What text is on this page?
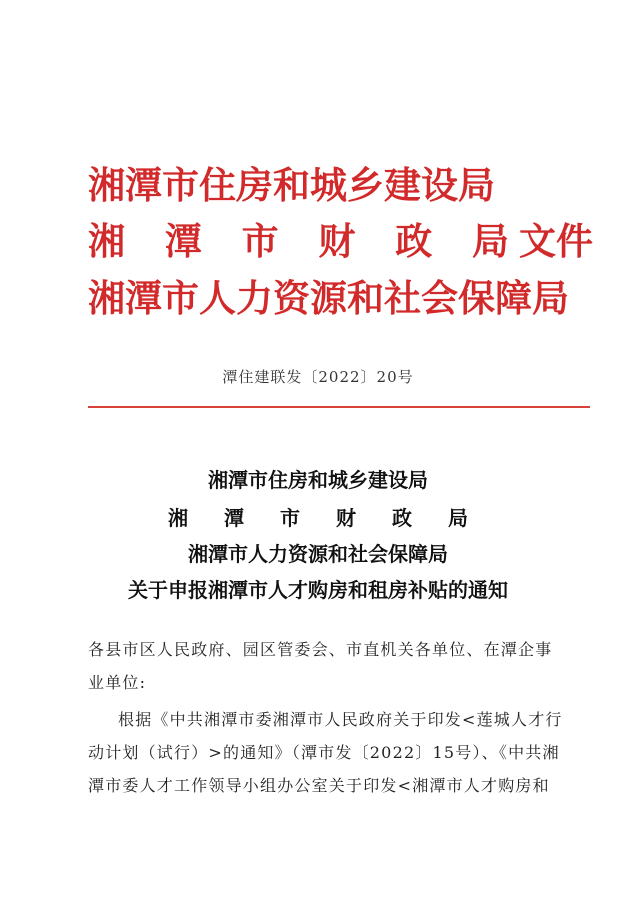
湘潭市住房和城乡建设局
湘 潭 市 财 政 局 文件
湘潭市人力资源和社会保障局
潭住建联发〔2022〕20号
湘潭市住房和城乡建设局
湘 潭 市 财 政 局
湘潭市人力资源和社会保障局
关于申报湘潭市人才购房和租房补贴的通知
各县市区人民政府、园区管委会、市直机关各单位、在潭企事
业单位:
根据《中共湘潭市委湘潭市人民政府关于印发<莲城人才行
动计划（试行）>的通知》（潭市发〔2022〕15号）、《中共湘
潭市委人才工作领导小组办公室关于印发<湘潭市人才购房和
